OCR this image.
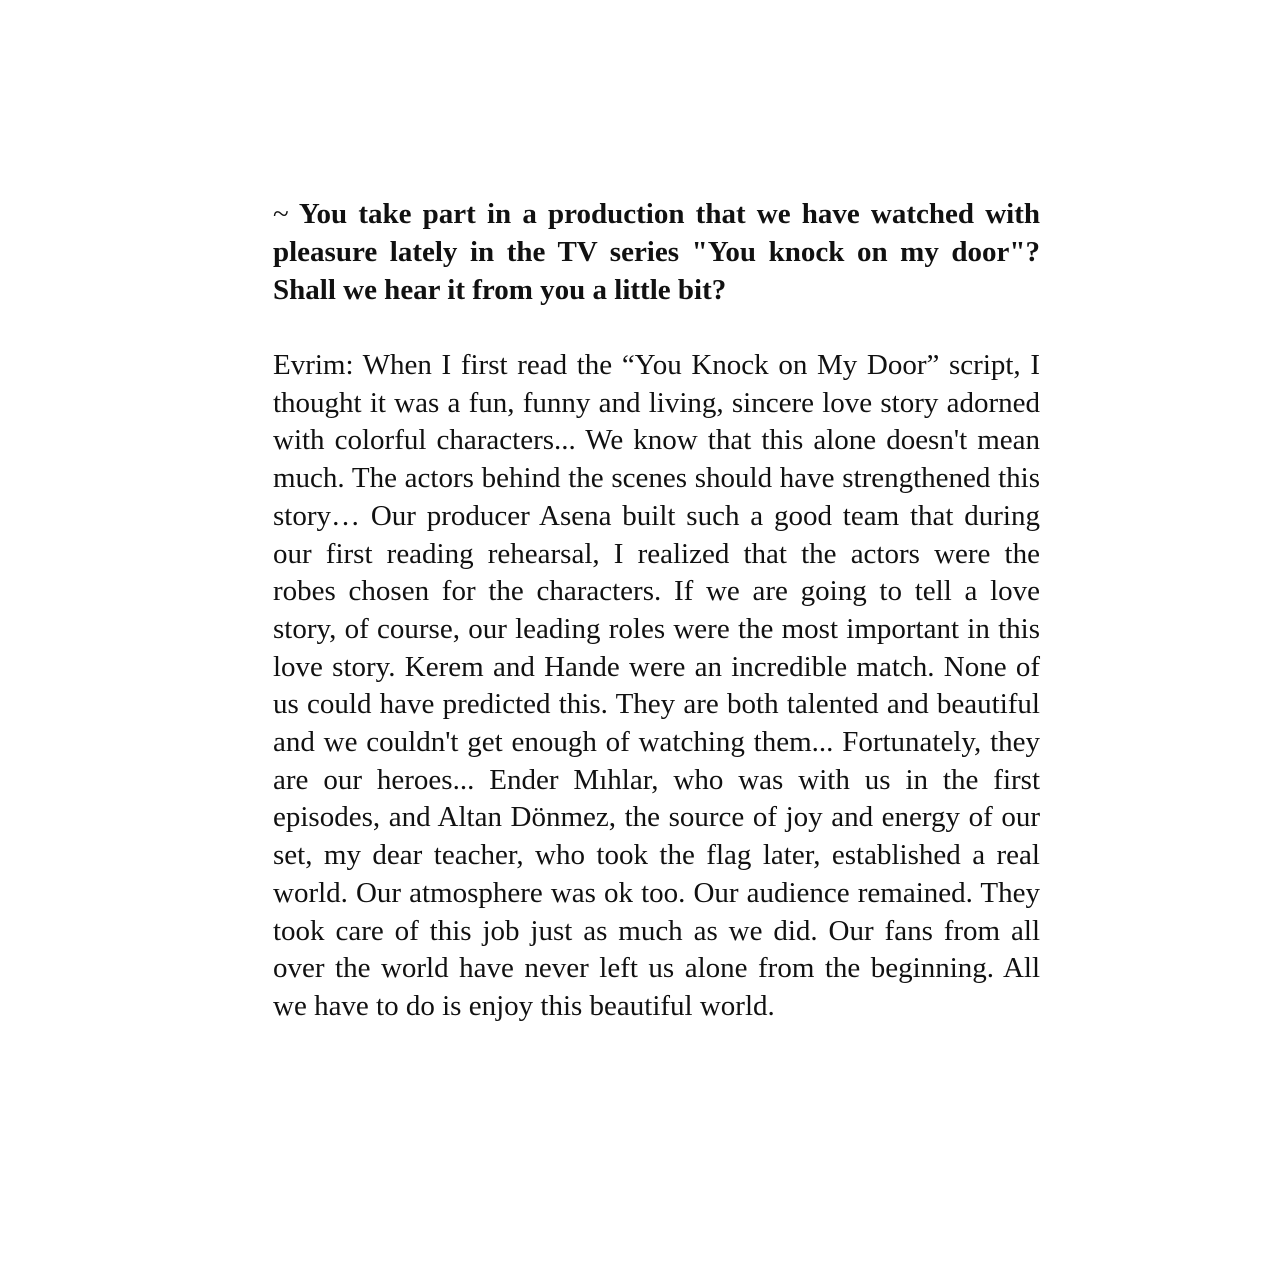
~ You take part in a production that we have watched with pleasure lately in the TV series "You knock on my door"? Shall we hear it from you a little bit?

Evrim: When I first read the “You Knock on My Door” script, I thought it was a fun, funny and living, sincere love story adorned with colorful characters... We know that this alone doesn't mean much. The actors behind the scenes should have strengthened this story… Our producer Asena built such a good team that during our first reading rehearsal, I realized that the actors were the robes chosen for the characters. If we are going to tell a love story, of course, our leading roles were the most important in this love story. Kerem and Hande were an incredible match. None of us could have predicted this. They are both talented and beautiful and we couldn't get enough of watching them... Fortunately, they are our heroes... Ender Mıhlar, who was with us in the first episodes, and Altan Dönmez, the source of joy and energy of our set, my dear teacher, who took the flag later, established a real world. Our atmosphere was ok too. Our audience remained. They took care of this job just as much as we did. Our fans from all over the world have never left us alone from the beginning. All we have to do is enjoy this beautiful world.
